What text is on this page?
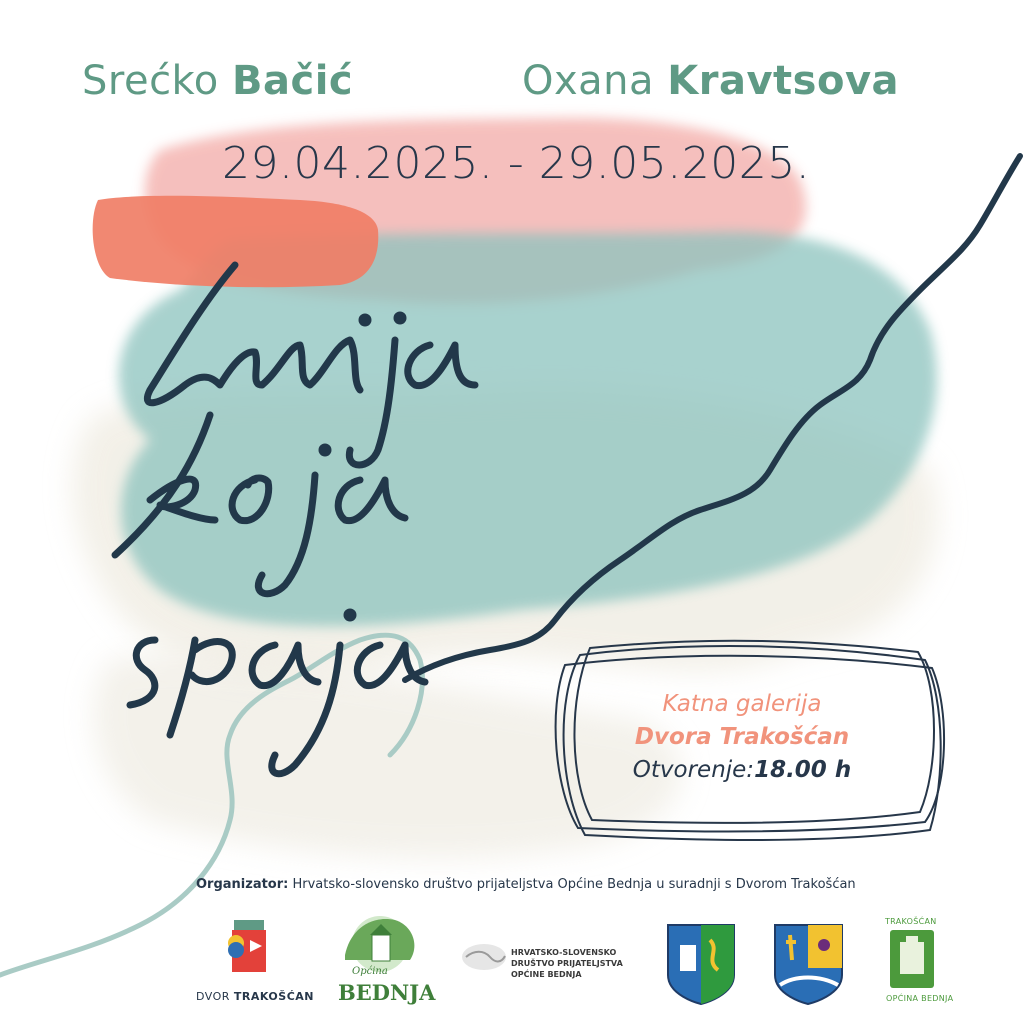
Srećko Bačić	Oxana Kravtsova
29.04.2025. - 29.05.2025.
Katna galerija
Dvora Trakošćan
Otvorenje:18.00 h
Organizator: Hrvatsko-slovensko društvo prijateljstva Općine Bednja u suradnji s Dvorom Trakošćan
DVOR TRAKOŠĆAN
Općina
BEDNJA
HRVATSKO-SLOVENSKO DRUŠTVO PRIJATELJSTVA OPĆINE BEDNJA
TRAKOŠĆAN
OPĆINA BEDNJA
